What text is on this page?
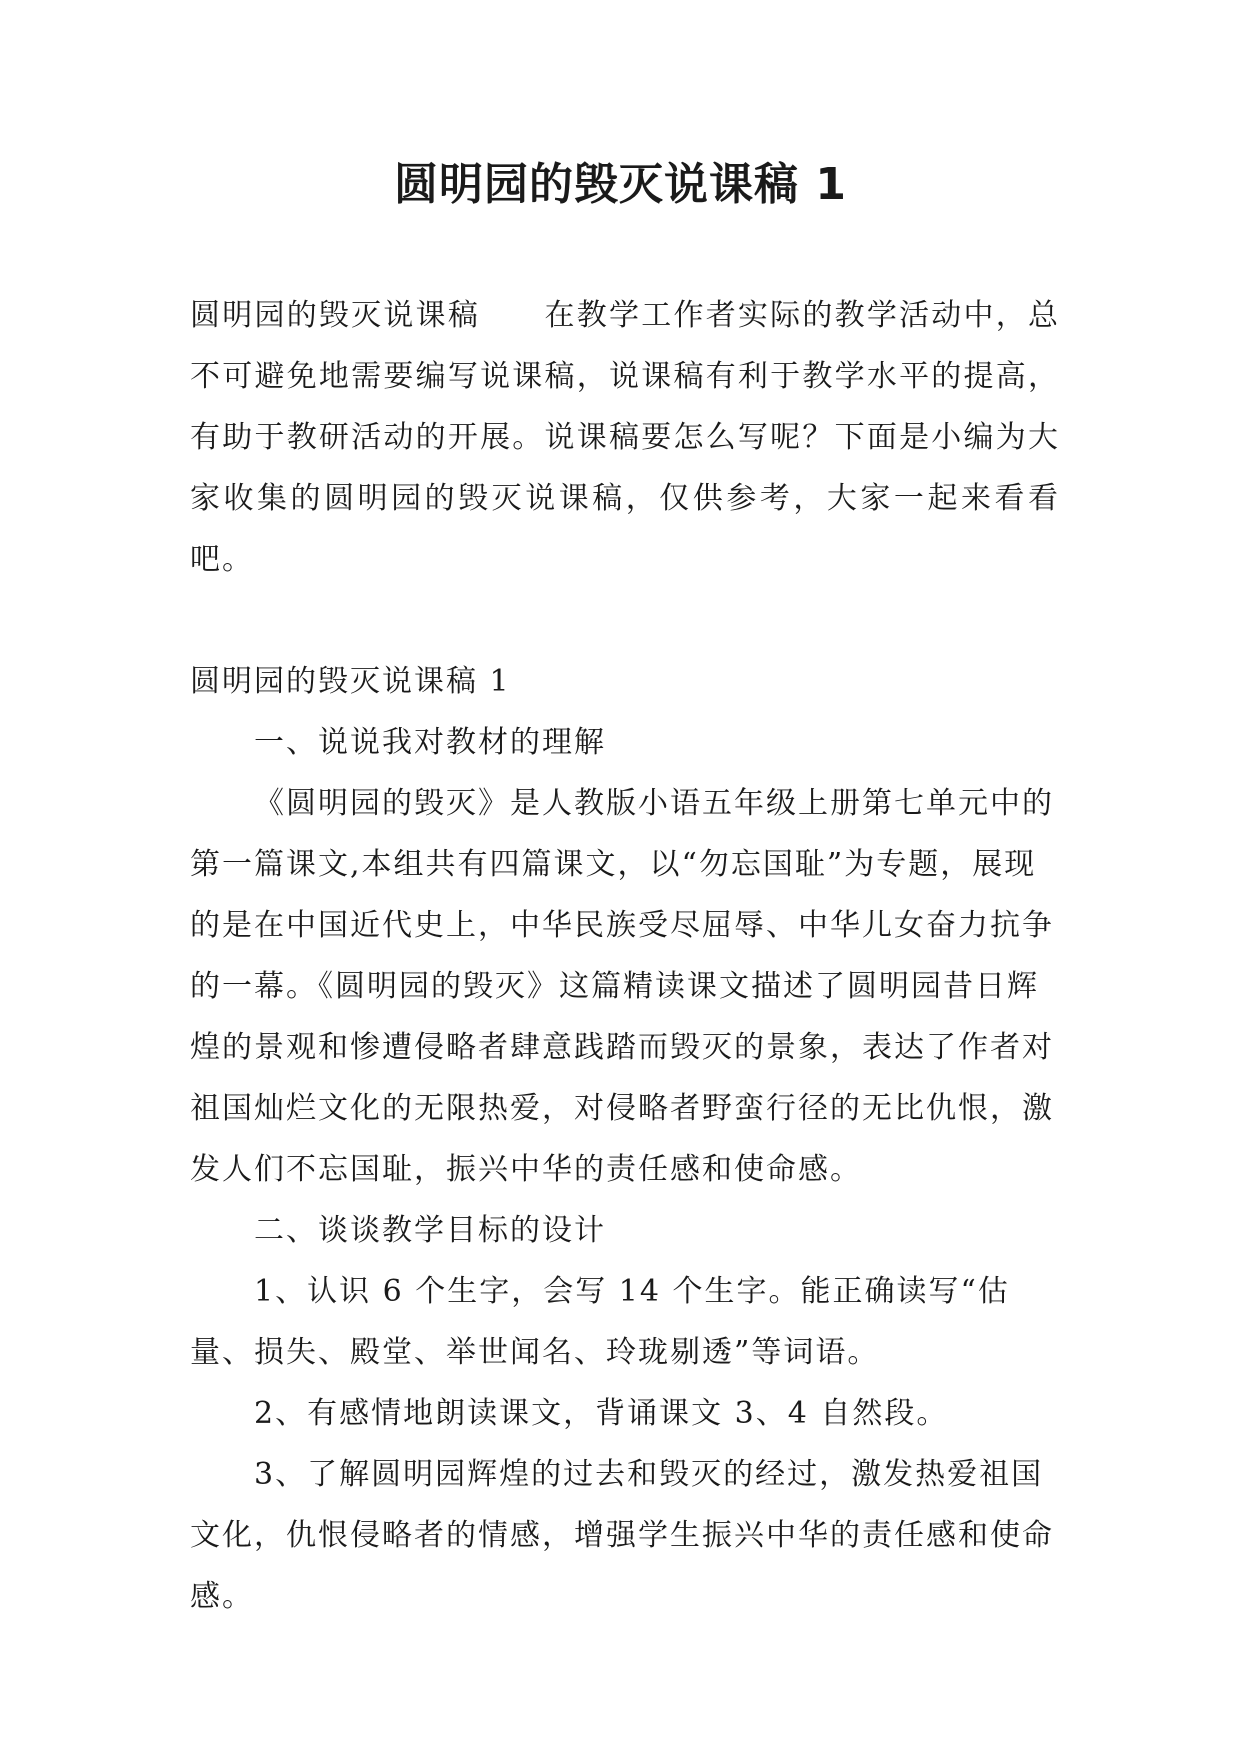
圆明园的毁灭说课稿 1

圆明园的毁灭说课稿　　在教学工作者实际的教学活动中，总不可避免地需要编写说课稿，说课稿有利于教学水平的提高，有助于教研活动的开展。说课稿要怎么写呢？下面是小编为大家收集的圆明园的毁灭说课稿，仅供参考，大家一起来看看吧。

圆明园的毁灭说课稿 1

一、说说我对教材的理解

《圆明园的毁灭》是人教版小语五年级上册第七单元中的第一篇课文,本组共有四篇课文，以“勿忘国耻”为专题，展现的是在中国近代史上，中华民族受尽屈辱、中华儿女奋力抗争的一幕。《圆明园的毁灭》这篇精读课文描述了圆明园昔日辉煌的景观和惨遭侵略者肆意践踏而毁灭的景象，表达了作者对祖国灿烂文化的无限热爱，对侵略者野蛮行径的无比仇恨，激发人们不忘国耻，振兴中华的责任感和使命感。

二、谈谈教学目标的设计

1、认识 6 个生字，会写 14 个生字。能正确读写“估量、损失、殿堂、举世闻名、玲珑剔透”等词语。

2、有感情地朗读课文，背诵课文 3、4 自然段。

3、了解圆明园辉煌的过去和毁灭的经过，激发热爱祖国文化，仇恨侵略者的情感，增强学生振兴中华的责任感和使命感。
